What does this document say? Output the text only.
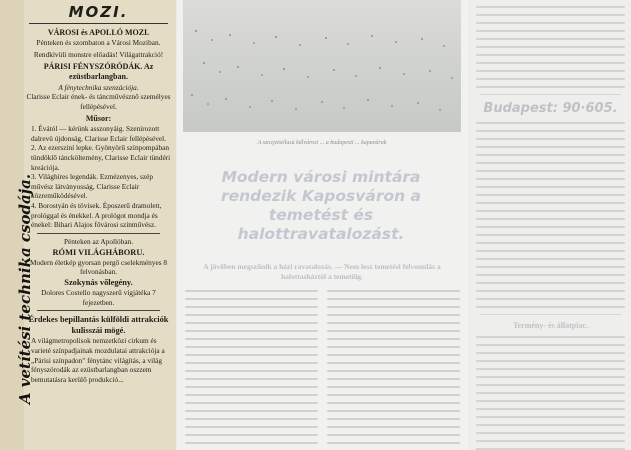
A vetítési technika csodája.
MOZI.
VÁROSI és APOLLÓ MOZI.
Pénteken és szombaton a Városi Moziban.
Rendkívüli monstre előadás! Világattrakció!
PÁRISI FÉNYSZÓRÓDÁK. Az ezüstbarlangban.
A fénytechnika szenzációja.
Clarisse Eclair ének- és táncművésznő személyes fellépésével.
Műsor:
1. Évától — kérünk asszonyáig. Szenirozott dalrevü újdonság, Clarisse Eclair fellépésével.
2. Az ezersziní lepke. Gyönyörű színpompában tündöklő táncköltemény, Clarisse Eclair tündéri kreációja.
3. Világhíres legendák. Ezmézenyes, szép művész látványosság, Clarisse Eclair közreműködésével.
4. Borostyán és tövisek. Époszerű dramolett, prológgal és énekkel. A prológot mondja és énekel: Bihari Alajos fővárosi színművész.
Pénteken az Apollóban.
RÓMI VILÁGHÁBORU.
Modern életkép gyorsan pergő cselekményes 8 felvonásban.
Szokynás vőlegény.
Dolores Costello nagyszerű vígjátéka 7 fejezetben.
Érdekes bepillantás külföldi attrakciók kulisszái mögé.
A világmetropolisok nemzetközi cirkum és varieté színpadjainak mozdulatai attrakciója a „Párisi színpadon" fénytánc világítás, a világ fényszórodák az ezüstbarlangban oszzem bemutatásra kerülő produkció...
A szovjetstílusú külvárosi ... a budapesti ... kapuvárak
Modern városi mintára rendezik Kaposváron a temetést és halottravatalozást.
A jövőben megszűnik a házi ravatalozás. — Nem lesz temetési felvonulás a halottasháztól a temetőig.
Budapest: 90·605.
Termény- és állatpiac.
